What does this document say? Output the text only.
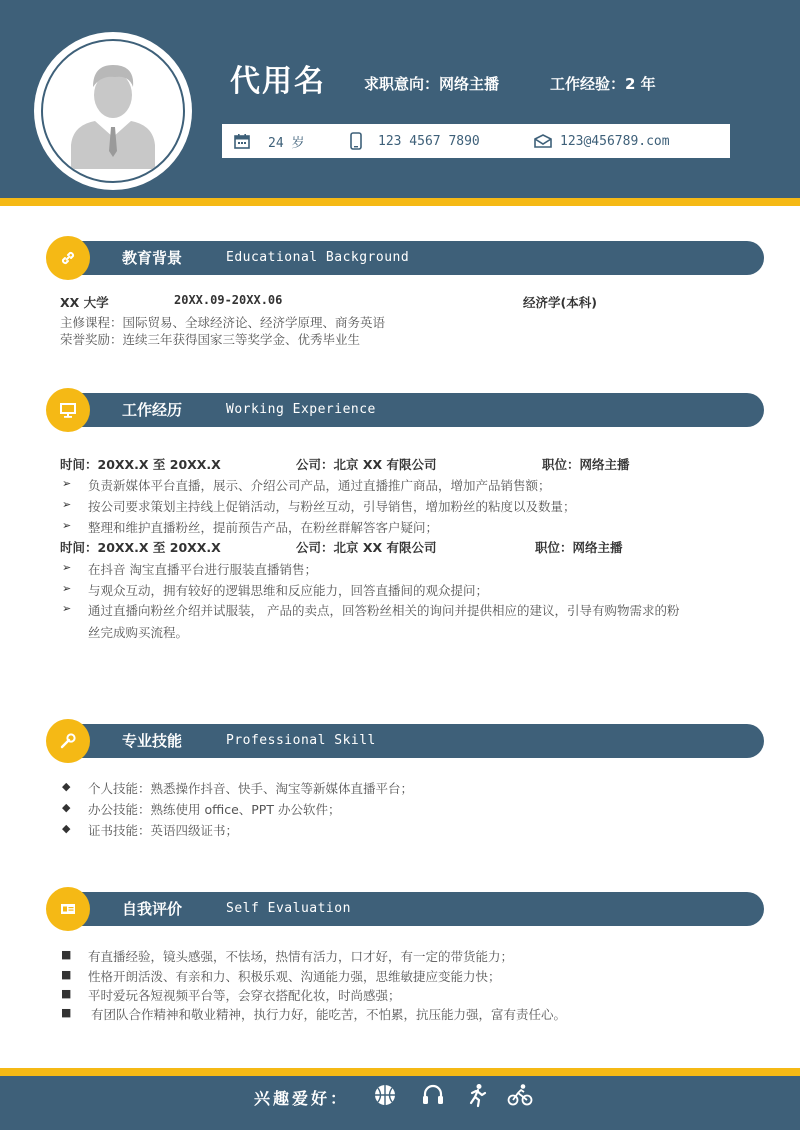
代用名	求职意向：网络主播	工作经验：2 年
24 岁	123 4567 7890	123@456789.com
教育背景	Educational Background
XX 大学	20XX.09-20XX.06	经济学(本科)
主修课程：国际贸易、全球经济论、经济学原理、商务英语
荣誉奖励：连续三年获得国家三等奖学金、优秀毕业生
工作经历	Working Experience
时间：20XX.X 至 20XX.X	公司：北京 XX 有限公司	职位：网络主播
➢ 负责新媒体平台直播，展示、介绍公司产品，通过直播推广商品，增加产品销售额；
➢ 按公司要求策划主持线上促销活动，与粉丝互动，引导销售，增加粉丝的粘度以及数量；
➢ 整理和维护直播粉丝，提前预告产品，在粉丝群解答客户疑问；
时间：20XX.X 至 20XX.X	公司：北京 XX 有限公司	职位：网络主播
➢ 在抖音 淘宝直播平台进行服装直播销售；
➢ 与观众互动，拥有较好的逻辑思维和反应能力，回答直播间的观众提问；
➢ 通过直播向粉丝介绍并试服装， 产品的卖点，回答粉丝相关的询问并提供相应的建议，引导有购物需求的粉
丝完成购买流程。
专业技能	Professional Skill
◆ 个人技能：熟悉操作抖音、快手、淘宝等新媒体直播平台；
◆ 办公技能：熟练使用 office、PPT 办公软件；
◆ 证书技能：英语四级证书；
自我评价	Self Evaluation
■ 有直播经验，镜头感强，不怯场，热情有活力，口才好，有一定的带货能力；
■ 性格开朗活泼、有亲和力、积极乐观、沟通能力强，思维敏捷应变能力快；
■ 平时爱玩各短视频平台等，会穿衣搭配化妆，时尚感强；
■ 有团队合作精神和敬业精神，执行力好，能吃苦，不怕累，抗压能力强，富有责任心。
兴趣爱好：
